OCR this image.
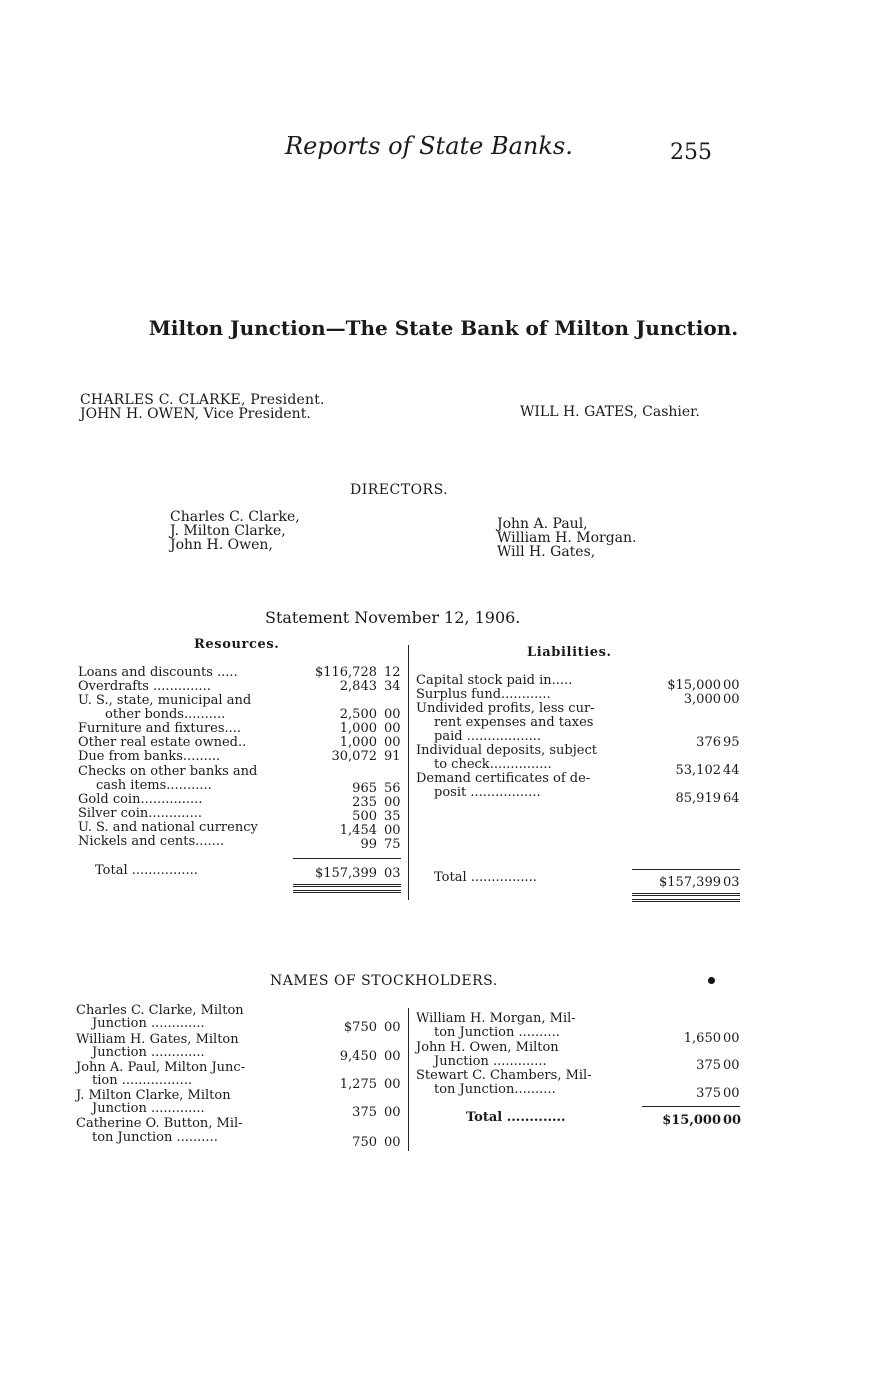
Reports of State Banks.	255
Milton Junction—The State Bank of Milton Junction.
CHARLES C. CLARKE, President.
JOHN H. OWEN, Vice President.	WILL H. GATES, Cashier.
DIRECTORS.
Charles C. Clarke,
J. Milton Clarke,
John H. Owen,
John A. Paul,
William H. Morgan.
Will H. Gates,
Statement November 12, 1906.
Resources.
Liabilities.
Loans and discounts .....	$116,728 12
Overdrafts ..............	2,843 34
U. S., state, municipal and
other bonds..........	2,500 00
Furniture and fixtures....	1,000 00
Other real estate owned..	1,000 00
Due from banks.........	30,072 91
Checks on other banks and
cash items...........	965 56
Gold coin...............	235 00
Silver coin.............	500 35
U. S. and national currency	1,454 00
Nickels and cents.......	99 75
Total ................	$157,399 03
Capital stock paid in.....	$15,000 00
Surplus fund............	3,000 00
Undivided profits, less cur-
rent expenses and taxes
paid ..................	376 95
Individual deposits, subject
to check...............	53,102 44
Demand certificates of de-
posit .................	85,919 64
Total ................	$157,399 03
NAMES OF STOCKHOLDERS.
Charles C. Clarke, Milton
Junction .............	$750 00
William H. Gates, Milton
Junction .............	9,450 00
John A. Paul, Milton Junc-
tion .................	1,275 00
J. Milton Clarke, Milton
Junction .............	375 00
Catherine O. Button, Mil-
ton Junction ..........	750 00
William H. Morgan, Mil-
ton Junction ..........	1,650 00
John H. Owen, Milton
Junction .............	375 00
Stewart C. Chambers, Mil-
ton Junction..........	375 00
Total .............	$15,000 00
